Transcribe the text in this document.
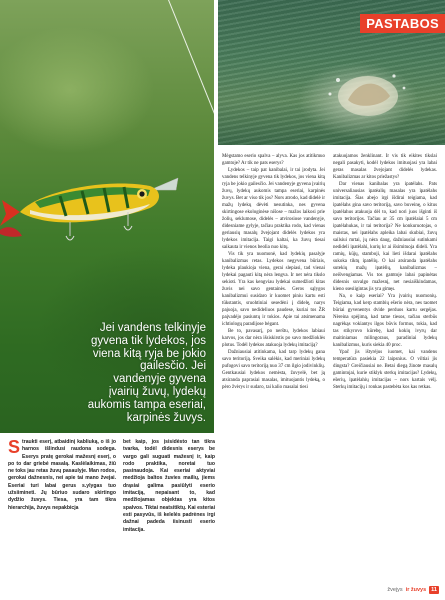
Jei vandens telkinyje gyvena tik lydekos, jos viena kitą ryja be jokio gailesčio. Jei vandenyje gyvena įvairių žuvų, lydekų aukomis tampa eseriai, karpinės žuvys.
PASTABOS
S traukti eserį, atbaidinį kabliuką, o iš jo harnos išlindusi raudona sodega. Eserys pratę gerokai mažesnį eserį, o po to dar griebė masalą. Kaslėlaikimas, žiū ne toks jau retas žuvų pasaulyje. Man rodos, gerokai dažnesnis, nei apie tai mano žvejai. Eseriai turi labai gerus s.ylygas tuo užsiimineti. Jų būriuo sudaro skirtingo dydžio žuvys. Tiesa, yra tam tikra hierarchija, žuvys nepakbicja
bet kaip, jos įsisidėsto tan tikra tvarka, todėl didesnis eserys be vargo gali suguati mažesnį ir, kaip rodo praktika, noretai tuo pasinaudoja. Kai eseriai aktyviai medžioja baltos žuvies mailių, jiems drąsiai galima pasiūlyti eserio imitaciją, nepaisant to, kad medžiojamas objektas yra kitos spalvos. Tiktai neatsitiktų. Kai esteriai esti pasyvūs, iš kelelės padrėnes irgi dažnai padeda iisinusti eserio imitacija.

Mėgstamo eserio spalva – alyva. Kas jos atitikmuo gamtoje? Ar tik ne pats eserys?

Lydekos – taip pat kanibalai, ir tai įrodyta. Jei vandens telkinyje gyvena tik lydekos, jos viena kitą ryja be jokio gailesčio. Jei vandenyje gyvena įvairių žuvų, lydekų aukomis tampa eseriai, karpinės žuvys. Bet ar viso tik jos? Nors atrodo, kad didelė ir mažų lydekų dėvėti nesutinka, nes gyvena skirtingose ekologinėse nišose – mažos laikosi prie žolių, seklumose, didelės – atvirosiose vandenyje, didesniame gylyje, tačiau praktika rodo, kad vienas geriausių masalų žvejojant didelės lydekos yra lydekos imitacija. Taigi kaltai, ka žuvų tiesai saikauta ir vienos beolia nuo kitų.

Vis tik yra nuomonė, kad lydekių pasalyje kanibalizmas retas. Lydekos negyvena būriais, lydeka plaukioja viena, gerai slepiasi, tad vienai lydekai pagauti kitą nėra lengva. Ir net nėra tikslo sekioti. Yra kas kengviau lydekai sumedžioti kitas žuvis nei savo gentainės. Geros sąlygos kanibalizmui susidaro ir kuomet piniu kartu esti tūkstantis, sruohtiniai sesedėni į didelę, narys pajuoja, savo nedideliuos paudese, kuriai tos ŽR paįvadėjo pasiuntų ir tokios. Apie tai atsimenama ichtiologų paradijose bėgant.

Be to, pavasarį, po nerštu, lydekos labiaui karvos, jos dar nėra išsiskirstis po savo medžioklės plotus. Todėl lydekos atakuoja lydekų imitaciją?

Dažniausiai atitinkama, kad tarp lydekų gana savo teritoriją. Sveika salėkis, kad meriniai lydekų pufogovi savo teritoriją nuo 37 cm ilgio jodivinklių. Gentkausiai lydekos nemėsta, žuvyelė, bet ją atsiranda paprasiai masalas, imituojantis lydeką, o pėro žvėrys ir sudaro, tai kalio masalai tiesi

atakuojamos ženklinant. Ir vis tik eikites tikslai negali pasakyti, kodėl lydekos imituojasi yra labai geras masalas žvejojant didelės lydekas. Kanibalizmas ar kitos priežastys?

Dar vienas kanibalas yra ipatėlahs. Pats universaliausias ipatėalių masalas yra ipatėlahs imitacija. Šias abejo irgi išdirai teigiama, kad ipatėlahs gina savo teritoriją, savo buveinę, o kitus ipatėlahus atakuoja dėl to, kad nori juos išginti iš savo teritorijos. Tačiau ar 35 cm ipatėlaiai 5 cm ipatėlahukas, ir tai teritorija? Ne konkuruotojas, o maistas, nei ipatėlahs apleika labai skubiai, žuvų sailsiui mrtai, jų nėra daug, dažniausiai sutinkami nedideli ipatėlahi, kurių kr ai išsimituoja dideli. Yra ramių, kūjų, stamboji, kai lieti išdarai ipatėlahs sukoka tiktų ipatėlių. O kai atsiranda ipatėlahs sutekių mažų ipatėlių, kanibalizmas – neišvengiamas. Vis tos gamtoje labai papinėtas didesnis suvalgo mažesnį, net nesiaiškindamas, kieno ssesiigintas jis yra gimęs.

Na, o kaip eseriai? Yra įvairių nuomonių. Teigiama, kad kerp stambių ešerio nėra, nes taomet būriai gyvenentys dvide perduos kartu sergėjas. Nėreina spėjimą, kad tame tiesos, tačiau sterbūs nagrėkąs vokiantys ilgos būvis formus, tokia, kad tas stikyrovo kūrebę, kad kokių ivyrų dar maitiniamas milingoraus, paradiniai lydekų kanibalizmus, kuris siekia 40 proc.

Ypač jis ištyrėjus iuomet, kai vandens temperatūra pasiekia 22 laipsnius. O viltiai jis dingsta? Greičiausiai ne. Betai diegą žinote masalų gamintojai, kurie stiklyk sterkų imitacijas? Lydekų, ešerių, ipatėlahių imitacijas – nors kartais vėlį. Sterkų imitacijų i ronkas pastebėta kos kas retkas.

žvejys ir žuvys 11
